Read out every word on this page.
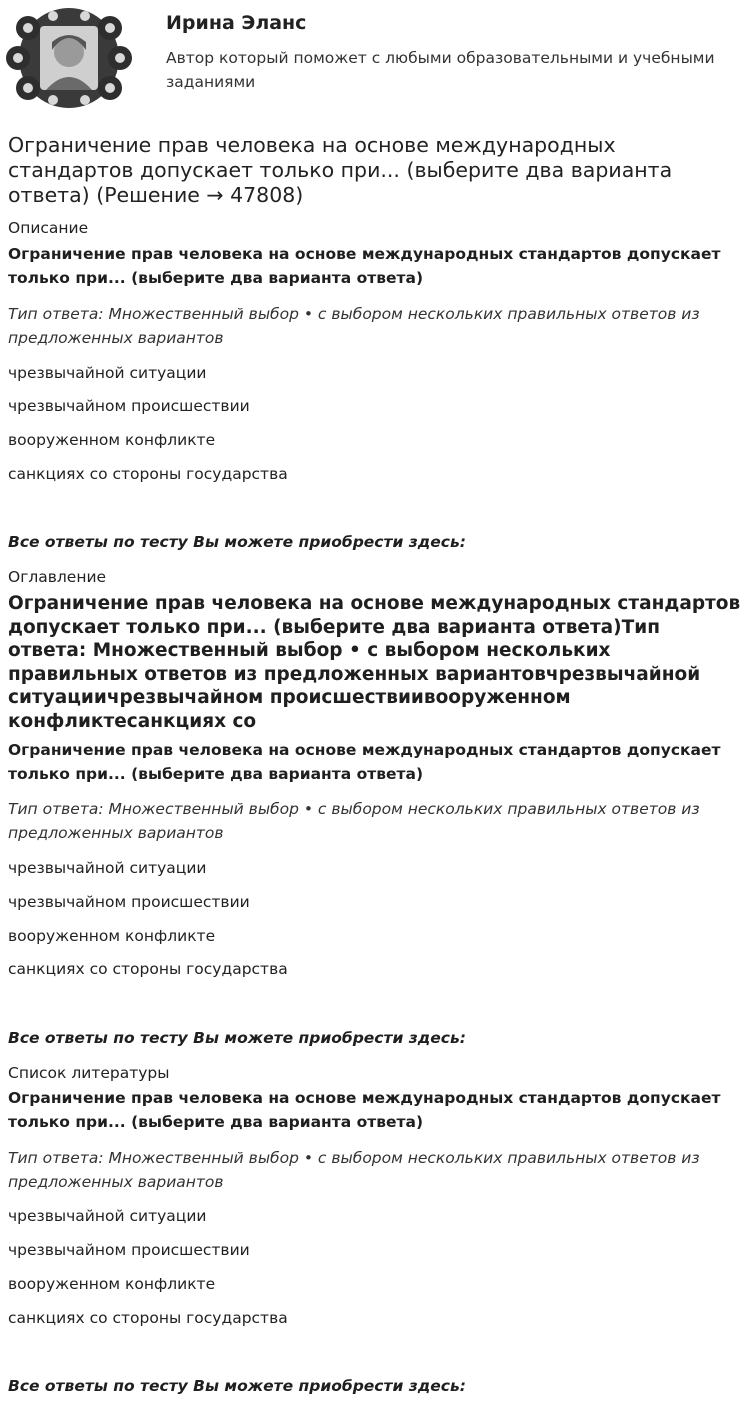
Ирина Эланс
Автор который поможет с любыми образовательными и учебными заданиями
Ограничение прав человека на основе международных стандартов допускает только при... (выберите два варианта ответа) (Решение → 47808)
Описание
Ограничение прав человека на основе международных стандартов допускает только при... (выберите два варианта ответа)
Тип ответа: Множественный выбор • с выбором нескольких правильных ответов из предложенных вариантов
чрезвычайной ситуации
чрезвычайном происшествии
вооруженном конфликте
санкциях со стороны государства
Все ответы по тесту Вы можете приобрести здесь:
Оглавление
Ограничение прав человека на основе международных стандартов допускает только при... (выберите два варианта ответа)Тип ответа: Множественный выбор • с выбором нескольких правильных ответов из предложенных вариантовчрезвычайной ситуациичрезвычайном происшествиивооруженном конфликтесанкциях со
Ограничение прав человека на основе международных стандартов допускает только при... (выберите два варианта ответа)
Тип ответа: Множественный выбор • с выбором нескольких правильных ответов из предложенных вариантов
чрезвычайной ситуации
чрезвычайном происшествии
вооруженном конфликте
санкциях со стороны государства
Все ответы по тесту Вы можете приобрести здесь:
Список литературы
Ограничение прав человека на основе международных стандартов допускает только при... (выберите два варианта ответа)
Тип ответа: Множественный выбор • с выбором нескольких правильных ответов из предложенных вариантов
чрезвычайной ситуации
чрезвычайном происшествии
вооруженном конфликте
санкциях со стороны государства
Все ответы по тесту Вы можете приобрести здесь:
